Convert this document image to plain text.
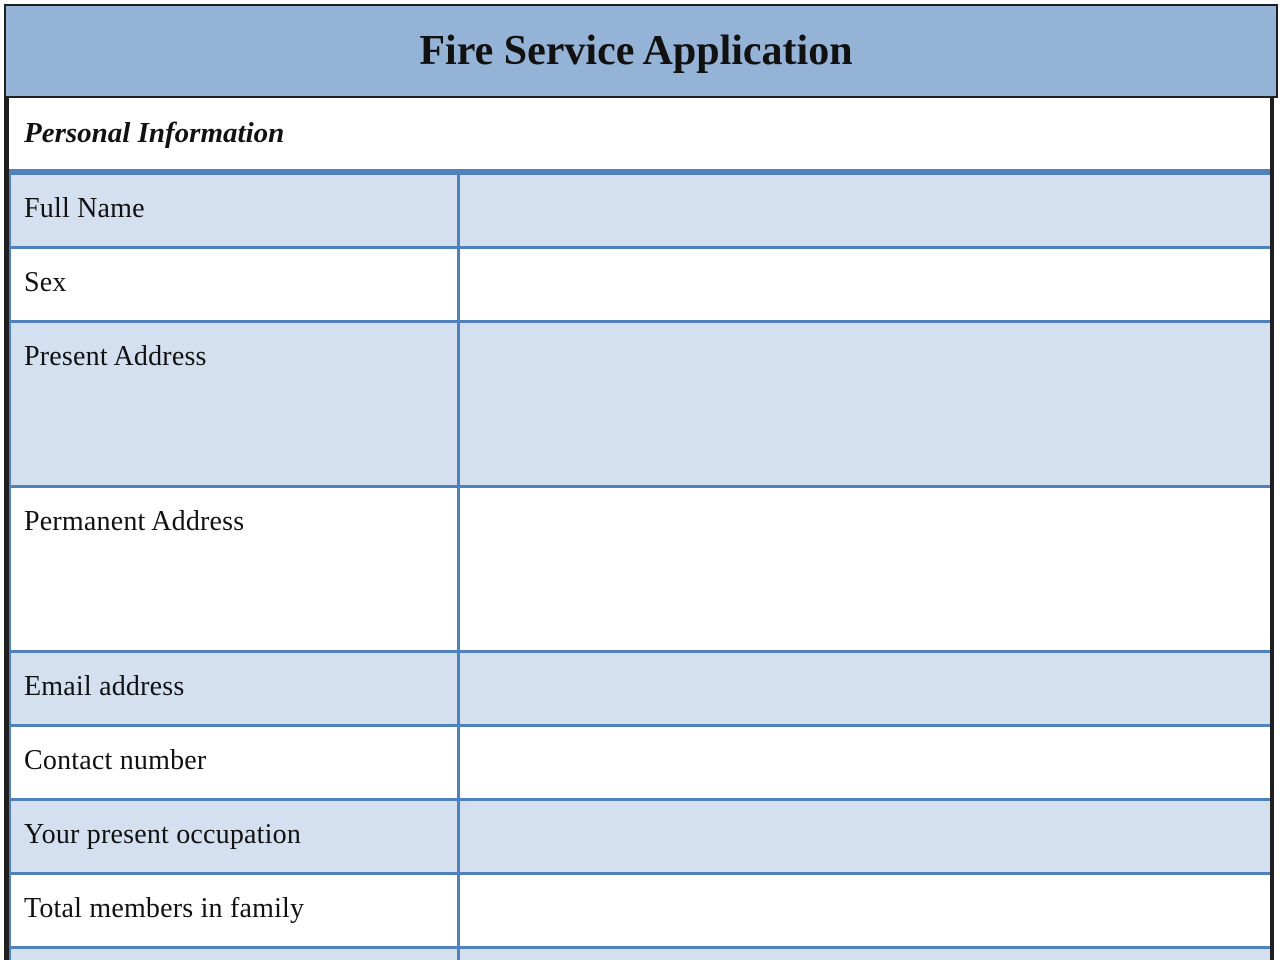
Fire Service Application
Personal Information
Full Name
Sex
Present Address
Permanent Address
Email address
Contact number
Your present occupation
Total members in family
